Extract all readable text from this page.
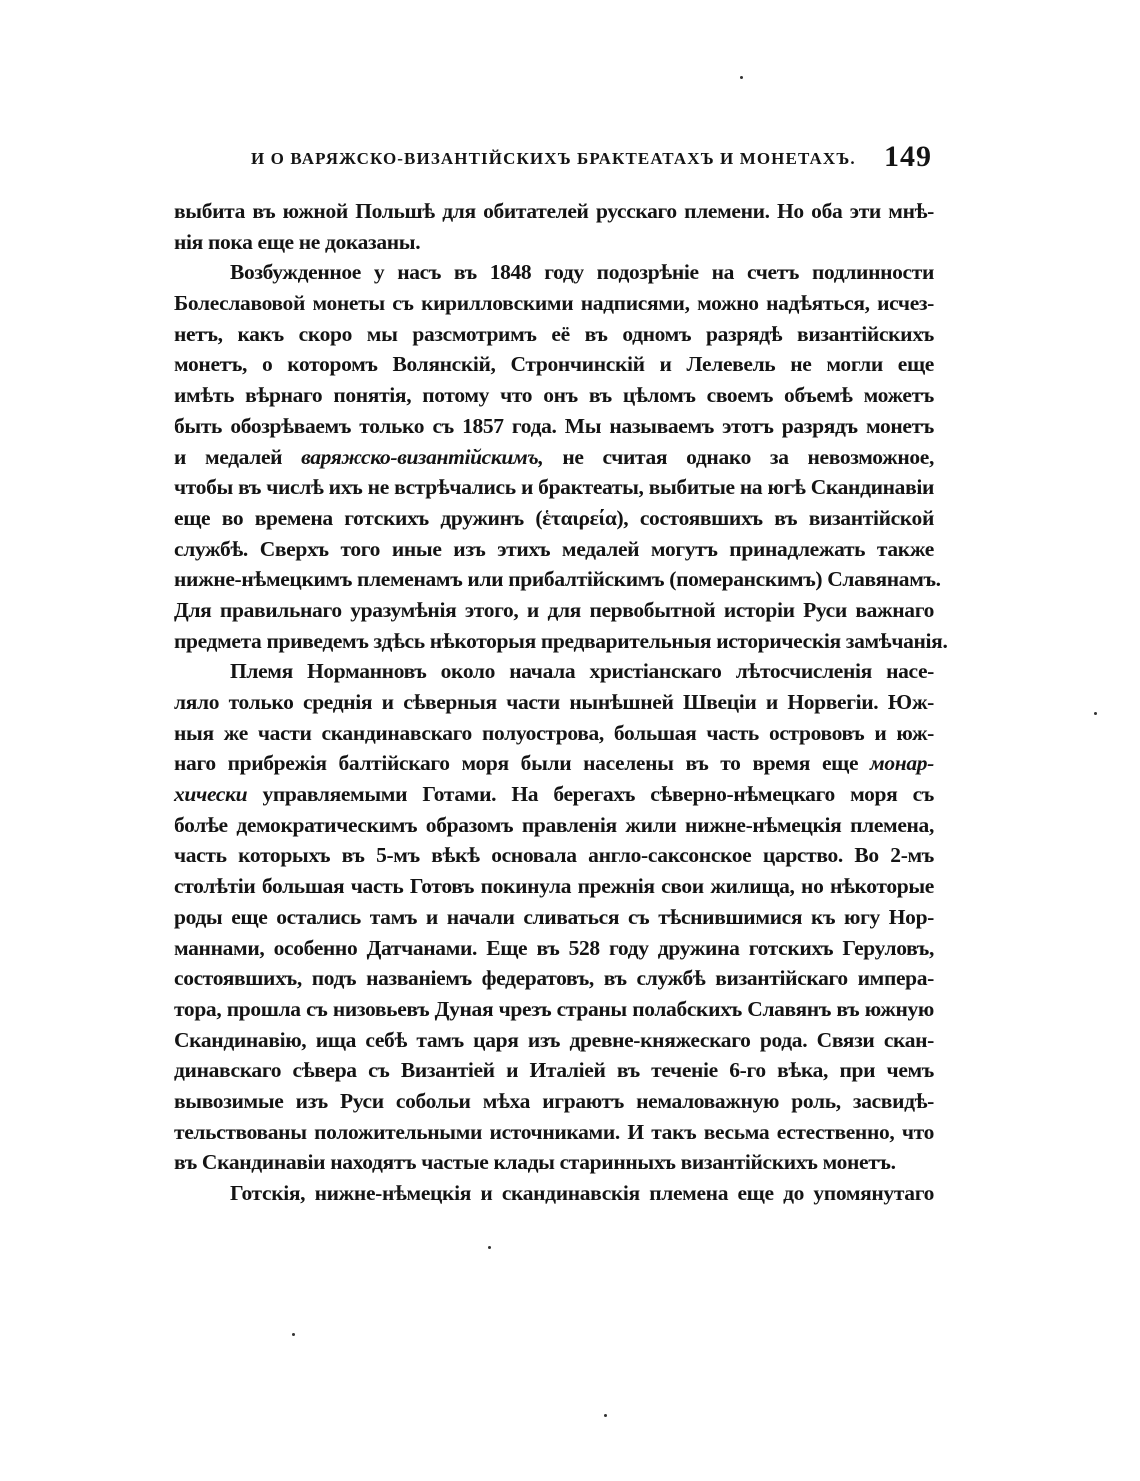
И О ВАРЯЖСКО-ВИЗАНТІЙСКИХЪ БРАКТЕАТАХЪ И МОНЕТАХЪ. 149
выбита въ южной Польшѣ для обитателей русскаго племени. Но оба эти мнѣ-
нія пока еще не доказаны.
Возбужденное у насъ въ 1848 году подозрѣніе на счетъ подлинности
Болеславовой монеты съ кирилловскими надписями, можно надѣяться, исчез-
нетъ, какъ скоро мы разсмотримъ её въ одномъ разрядѣ византійскихъ
монетъ, о которомъ Волянскій, Стрончинскій и Лелевель не могли еще
имѣть вѣрнаго понятія, потому что онъ въ цѣломъ своемъ объемѣ можетъ
быть обозрѣваемъ только съ 1857 года. Мы называемъ этотъ разрядъ монетъ
и медалей варяжско-византійскимъ, не считая однако за невозможное,
чтобы въ числѣ ихъ не встрѣчались и брактеаты, выбитые на югѣ Скандинавіи
еще во времена готскихъ дружинъ (ἑταιρεία), состоявшихъ въ византійской
службѣ. Сверхъ того иные изъ этихъ медалей могутъ принадлежать также
нижне-нѣмецкимъ племенамъ или прибалтійскимъ (померанскимъ) Славянамъ.
Для правильнаго уразумѣнія этого, и для первобытной исторіи Руси важнаго
предмета приведемъ здѣсь нѣкоторыя предварительныя историческія замѣчанія.
Племя Норманновъ около начала христіанскаго лѣтосчисленія насе-
ляло только среднія и сѣверныя части нынѣшней Швеціи и Норвегіи. Юж-
ныя же части скандинавскаго полуострова, большая часть острововъ и юж-
наго прибрежія балтійскаго моря были населены въ то время еще монар-
хически управляемыми Готами. На берегахъ сѣверно-нѣмецкаго моря съ
болѣе демократическимъ образомъ правленія жили нижне-нѣмецкія племена,
часть которыхъ въ 5-мъ вѣкѣ основала англо-саксонское царство. Во 2-мъ
столѣтіи большая часть Готовъ покинула прежнія свои жилища, но нѣкоторые
роды еще остались тамъ и начали сливаться съ тѣснившимися къ югу Нор-
маннами, особенно Датчанами. Еще въ 528 году дружина готскихъ Геруловъ,
состоявшихъ, подъ названіемъ федератовъ, въ службѣ византійскаго импера-
тора, прошла съ низовьевъ Дуная чрезъ страны полабскихъ Славянъ въ южную
Скандинавію, ища себѣ тамъ царя изъ древне-княжескаго рода. Связи скан-
динавскаго сѣвера съ Византіей и Италіей въ теченіе 6-го вѣка, при чемъ
вывозимые изъ Руси собольи мѣха играютъ немаловажную роль, засвидѣ-
тельствованы положительными источниками. И такъ весьма естественно, что
въ Скандинавіи находятъ частые клады старинныхъ византійскихъ монетъ.
Готскія, нижне-нѣмецкія и скандинавскія племена еще до упомянутаго
